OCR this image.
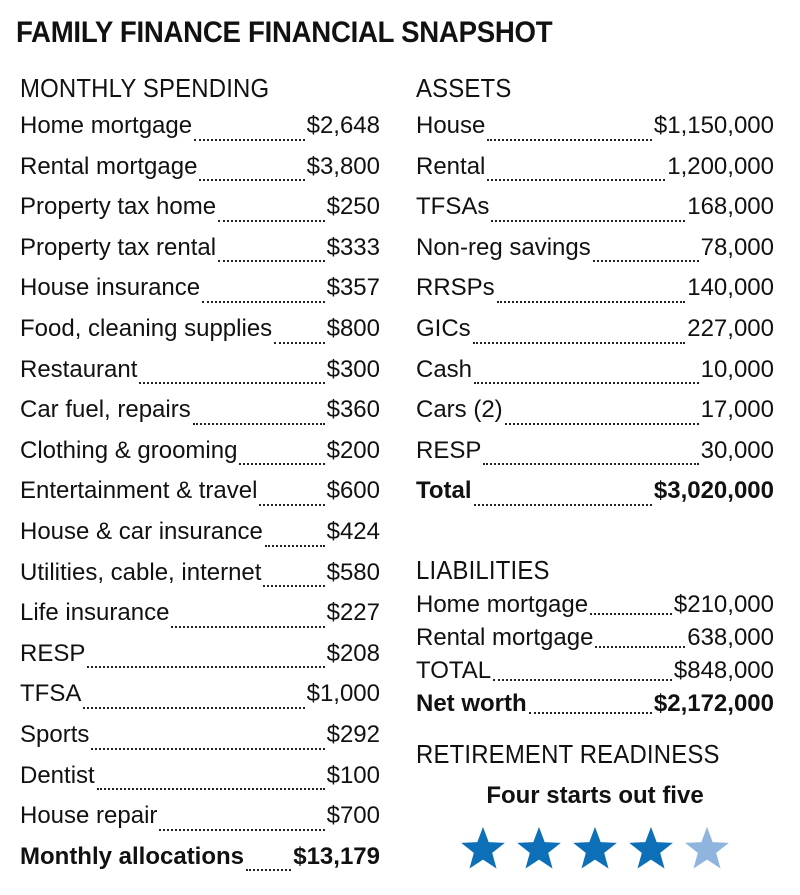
FAMILY FINANCE FINANCIAL SNAPSHOT
MONTHLY SPENDING
Home mortgage	$2,648
Rental mortgage	$3,800
Property tax home	$250
Property tax rental	$333
House insurance	$357
Food, cleaning supplies $800
Restaurant	$300
Car fuel, repairs	$360
Clothing & grooming	$200
Entertainment & travel	$600
House & car insurance	$424
Utilities, cable, internet	$580
Life insurance	$227
RESP	$208
TFSA	$1,000
Sports	$292
Dentist	$100
House repair	$700
Monthly allocations $13,179
ASSETS
House	$1,150,000
Rental	1,200,000
TFSAs	168,000
Non-reg savings	78,000
RRSPs	140,000
GICs	227,000
Cash	10,000
Cars (2)	17,000
RESP	30,000
Total	$3,020,000
LIABILITIES
Home mortgage	$210,000
Rental mortgage	638,000
TOTAL	$848,000
Net worth	$2,172,000
RETIREMENT READINESS
Four starts out five
